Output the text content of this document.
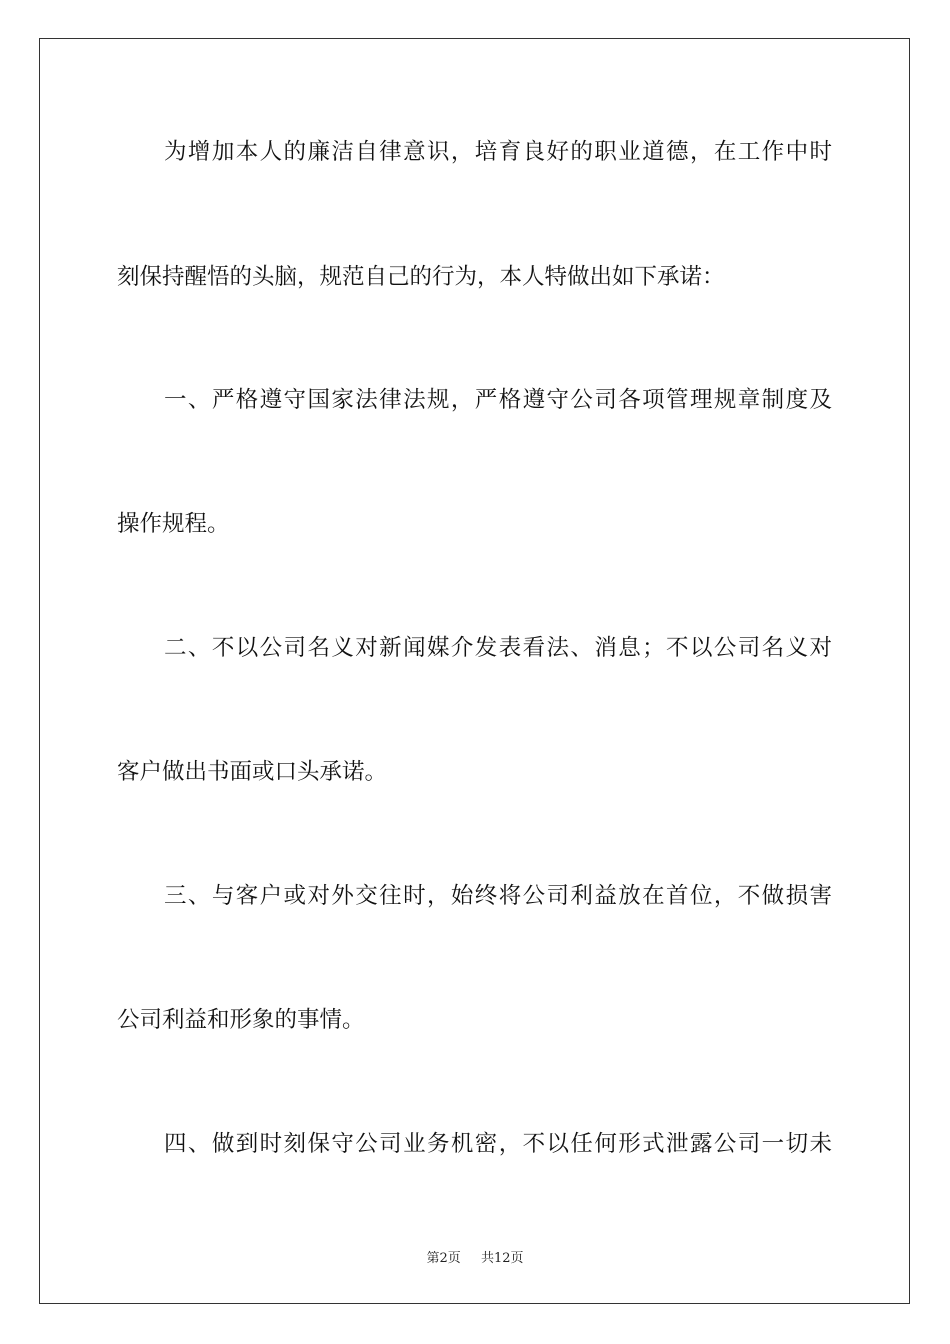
为增加本人的廉洁自律意识，培育良好的职业道德，在工作中时
刻保持醒悟的头脑，规范自己的行为，本人特做出如下承诺：
一、严格遵守国家法律法规，严格遵守公司各项管理规章制度及
操作规程。
二、不以公司名义对新闻媒介发表看法、消息；不以公司名义对
客户做出书面或口头承诺。
三、与客户或对外交往时，始终将公司利益放在首位，不做损害
公司利益和形象的事情。
四、做到时刻保守公司业务机密，不以任何形式泄露公司一切未
第2页 共12页
